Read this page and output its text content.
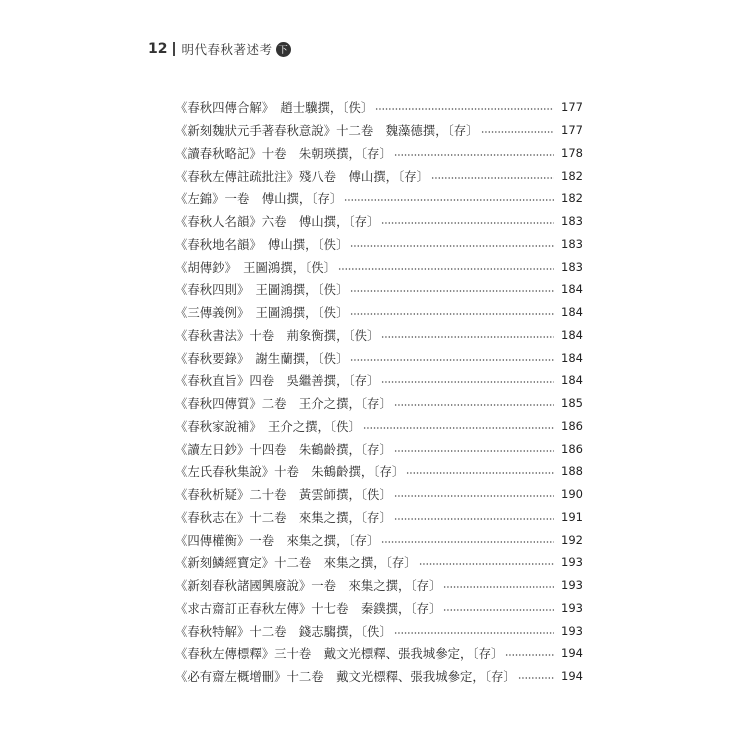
12 明代春秋著述考 下
《春秋四傳合解》　趙士驥撰，〔佚〕	177
《新刻魏狀元手著春秋意說》十二卷　魏藻德撰，〔存〕	177
《讀春秋略記》十卷　朱朝瑛撰，〔存〕	178
《春秋左傳註疏批注》殘八卷　傅山撰，〔存〕	182
《左錦》一卷　傅山撰，〔存〕	182
《春秋人名韻》六卷　傅山撰，〔存〕	183
《春秋地名韻》　傅山撰，〔佚〕	183
《胡傳鈔》　王圖鴻撰，〔佚〕	183
《春秋四則》　王圖鴻撰，〔佚〕	184
《三傳義例》　王圖鴻撰，〔佚〕	184
《春秋書法》十卷　荊象衡撰，〔佚〕	184
《春秋要錄》　謝生蘭撰，〔佚〕	184
《春秋直旨》四卷　吳繼善撰，〔存〕	184
《春秋四傳質》二卷　王介之撰，〔存〕	185
《春秋家說補》　王介之撰，〔佚〕	186
《讀左日鈔》十四卷　朱鶴齡撰，〔存〕	186
《左氏春秋集說》十卷　朱鶴齡撰，〔存〕	188
《春秋析疑》二十卷　黃雲師撰，〔佚〕	190
《春秋志在》十二卷　來集之撰，〔存〕	191
《四傳權衡》一卷　來集之撰，〔存〕	192
《新刻鱗經寶定》十二卷　來集之撰，〔存〕	193
《新刻春秋諸國興廢說》一卷　來集之撰，〔存〕	193
《求古齋訂正春秋左傳》十七卷　秦鏷撰，〔存〕	193
《春秋特解》十二卷　錢志騶撰，〔佚〕	193
《春秋左傳標釋》三十卷　戴文光標釋、張我城參定，〔存〕	194
《必有齋左概增刪》十二卷　戴文光標釋、張我城參定，〔存〕	194
